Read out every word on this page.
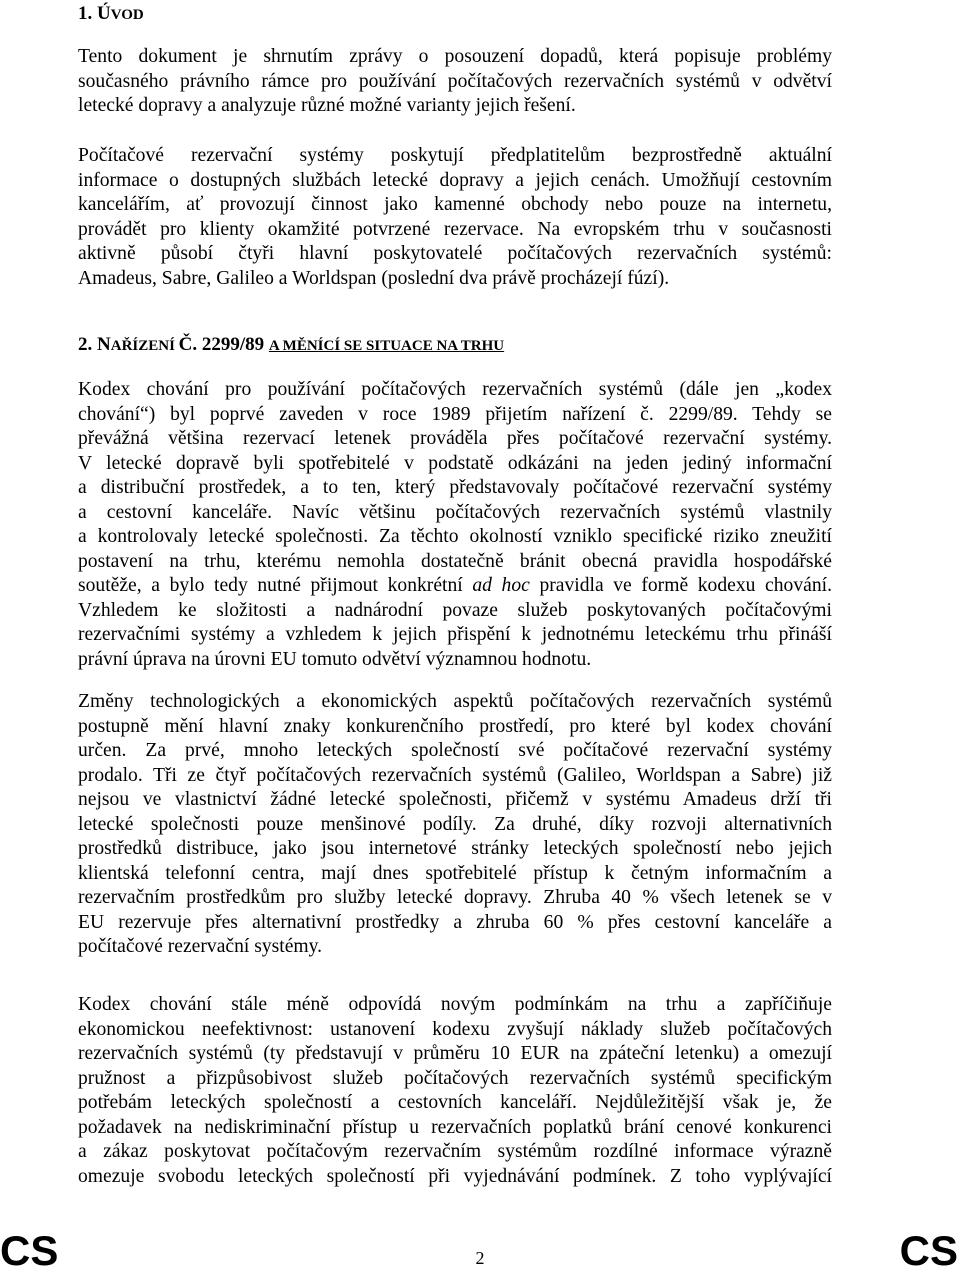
1. ÚVOD
Tento dokument je shrnutím zprávy o posouzení dopadů, která popisuje problémy
současného právního rámce pro používání počítačových rezervačních systémů v odvětví
letecké dopravy a analyzuje různé možné varianty jejich řešení.
Počítačové rezervační systémy poskytují předplatitelům bezprostředně aktuální
informace o dostupných službách letecké dopravy a jejich cenách. Umožňují cestovním
kancelářím, ať provozují činnost jako kamenné obchody nebo pouze na internetu,
provádět pro klienty okamžité potvrzené rezervace. Na evropském trhu v současnosti
aktivně působí čtyři hlavní poskytovatelé počítačových rezervačních systémů:
Amadeus, Sabre, Galileo a Worldspan (poslední dva právě procházejí fúzí).
2. NAŘÍZENÍ Č. 2299/89 A MĚNÍCÍ SE SITUACE NA TRHU
Kodex chování pro používání počítačových rezervačních systémů (dále jen „kodex
chování“) byl poprvé zaveden v roce 1989 přijetím nařízení č. 2299/89. Tehdy se
převážná většina rezervací letenek prováděla přes počítačové rezervační systémy.
V letecké dopravě byli spotřebitelé v podstatě odkázáni na jeden jediný informační
a distribuční prostředek, a to ten, který představovaly počítačové rezervační systémy
a cestovní kanceláře. Navíc většinu počítačových rezervačních systémů vlastnily
a kontrolovaly letecké společnosti. Za těchto okolností vzniklo specifické riziko zneužití
postavení na trhu, kterému nemohla dostatečně bránit obecná pravidla hospodářské
soutěže, a bylo tedy nutné přijmout konkrétní ad hoc pravidla ve formě kodexu chování.
Vzhledem ke složitosti a nadnárodní povaze služeb poskytovaných počítačovými
rezervačními systémy a vzhledem k jejich přispění k jednotnému leteckému trhu přináší
právní úprava na úrovni EU tomuto odvětví významnou hodnotu.
Změny technologických a ekonomických aspektů počítačových rezervačních systémů
postupně mění hlavní znaky konkurenčního prostředí, pro které byl kodex chování
určen. Za prvé, mnoho leteckých společností své počítačové rezervační systémy
prodalo. Tři ze čtyř počítačových rezervačních systémů (Galileo, Worldspan a Sabre) již
nejsou ve vlastnictví žádné letecké společnosti, přičemž v systému Amadeus drží tři
letecké společnosti pouze menšinové podíly. Za druhé, díky rozvoji alternativních
prostředků distribuce, jako jsou internetové stránky leteckých společností nebo jejich
klientská telefonní centra, mají dnes spotřebitelé přístup k četným informačním a
rezervačním prostředkům pro služby letecké dopravy. Zhruba 40 % všech letenek se v
EU rezervuje přes alternativní prostředky a zhruba 60 % přes cestovní kanceláře a
počítačové rezervační systémy.
Kodex chování stále méně odpovídá novým podmínkám na trhu a zapříčiňuje
ekonomickou neefektivnost: ustanovení kodexu zvyšují náklady služeb počítačových
rezervačních systémů (ty představují v průměru 10 EUR na zpáteční letenku) a omezují
pružnost a přizpůsobivost služeb počítačových rezervačních systémů specifickým
potřebám leteckých společností a cestovních kanceláří. Nejdůležitější však je, že
požadavek na nediskriminační přístup u rezervačních poplatků brání cenové konkurenci
a zákaz poskytovat počítačovým rezervačním systémům rozdílné informace výrazně
omezuje svobodu leteckých společností při vyjednávání podmínek. Z toho vyplývající
CS	2	CS
